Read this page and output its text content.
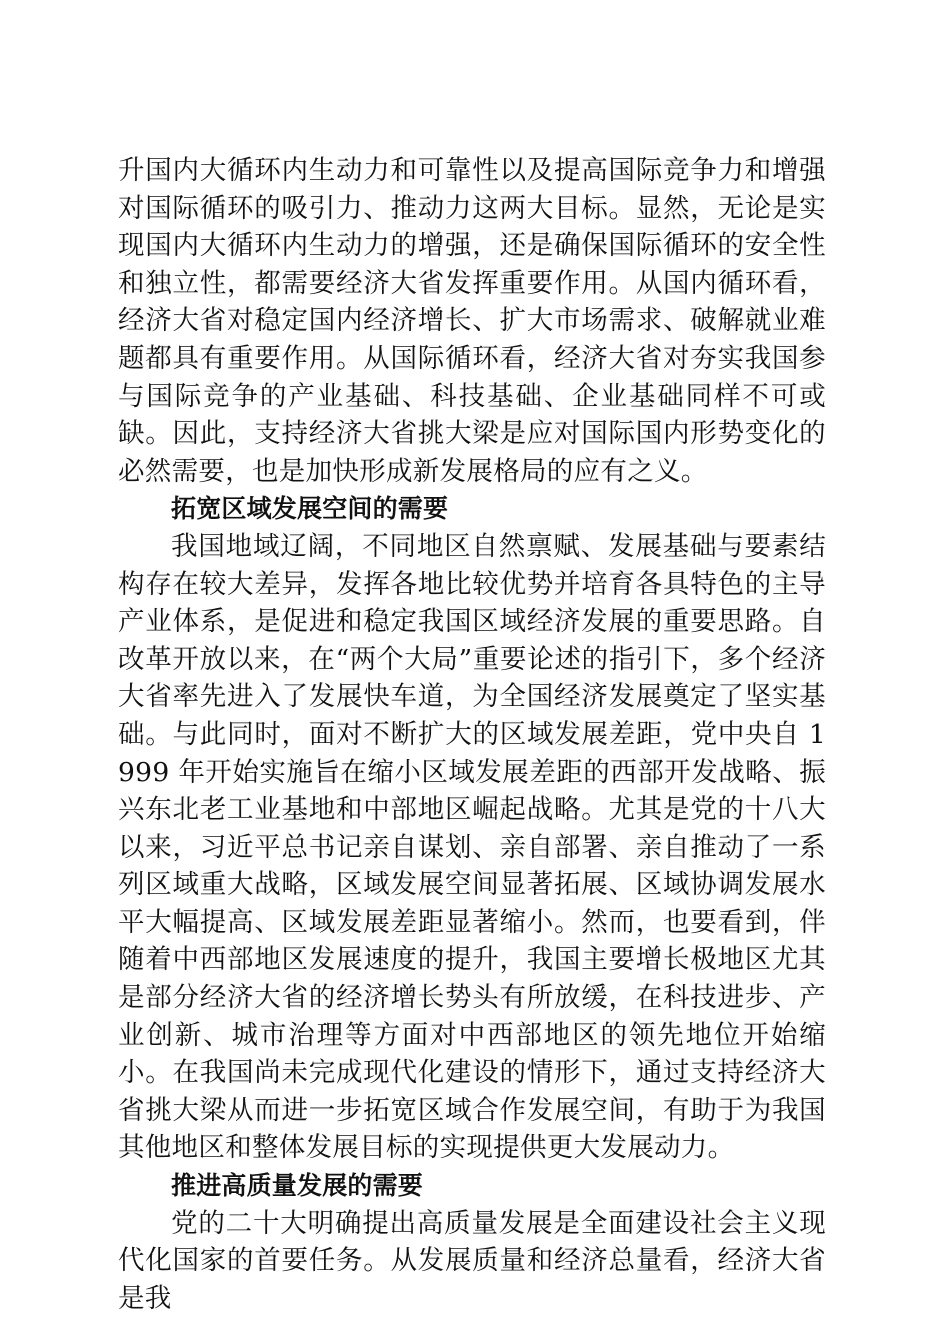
升国内大循环内生动力和可靠性以及提高国际竞争力和增强对国际循环的吸引力、推动力这两大目标。显然，无论是实现国内大循环内生动力的增强，还是确保国际循环的安全性和独立性，都需要经济大省发挥重要作用。从国内循环看，经济大省对稳定国内经济增长、扩大市场需求、破解就业难题都具有重要作用。从国际循环看，经济大省对夯实我国参与国际竞争的产业基础、科技基础、企业基础同样不可或缺。因此，支持经济大省挑大梁是应对国际国内形势变化的必然需要，也是加快形成新发展格局的应有之义。

拓宽区域发展空间的需要

我国地域辽阔，不同地区自然禀赋、发展基础与要素结构存在较大差异，发挥各地比较优势并培育各具特色的主导产业体系，是促进和稳定我国区域经济发展的重要思路。自改革开放以来，在“两个大局”重要论述的指引下，多个经济大省率先进入了发展快车道，为全国经济发展奠定了坚实基础。与此同时，面对不断扩大的区域发展差距，党中央自 1999 年开始实施旨在缩小区域发展差距的西部开发战略、振兴东北老工业基地和中部地区崛起战略。尤其是党的十八大以来，习近平总书记亲自谋划、亲自部署、亲自推动了一系列区域重大战略，区域发展空间显著拓展、区域协调发展水平大幅提高、区域发展差距显著缩小。然而，也要看到，伴随着中西部地区发展速度的提升，我国主要增长极地区尤其是部分经济大省的经济增长势头有所放缓，在科技进步、产业创新、城市治理等方面对中西部地区的领先地位开始缩小。在我国尚未完成现代化建设的情形下，通过支持经济大省挑大梁从而进一步拓宽区域合作发展空间，有助于为我国其他地区和整体发展目标的实现提供更大发展动力。

推进高质量发展的需要

党的二十大明确提出高质量发展是全面建设社会主义现代化国家的首要任务。从发展质量和经济总量看，经济大省是我
